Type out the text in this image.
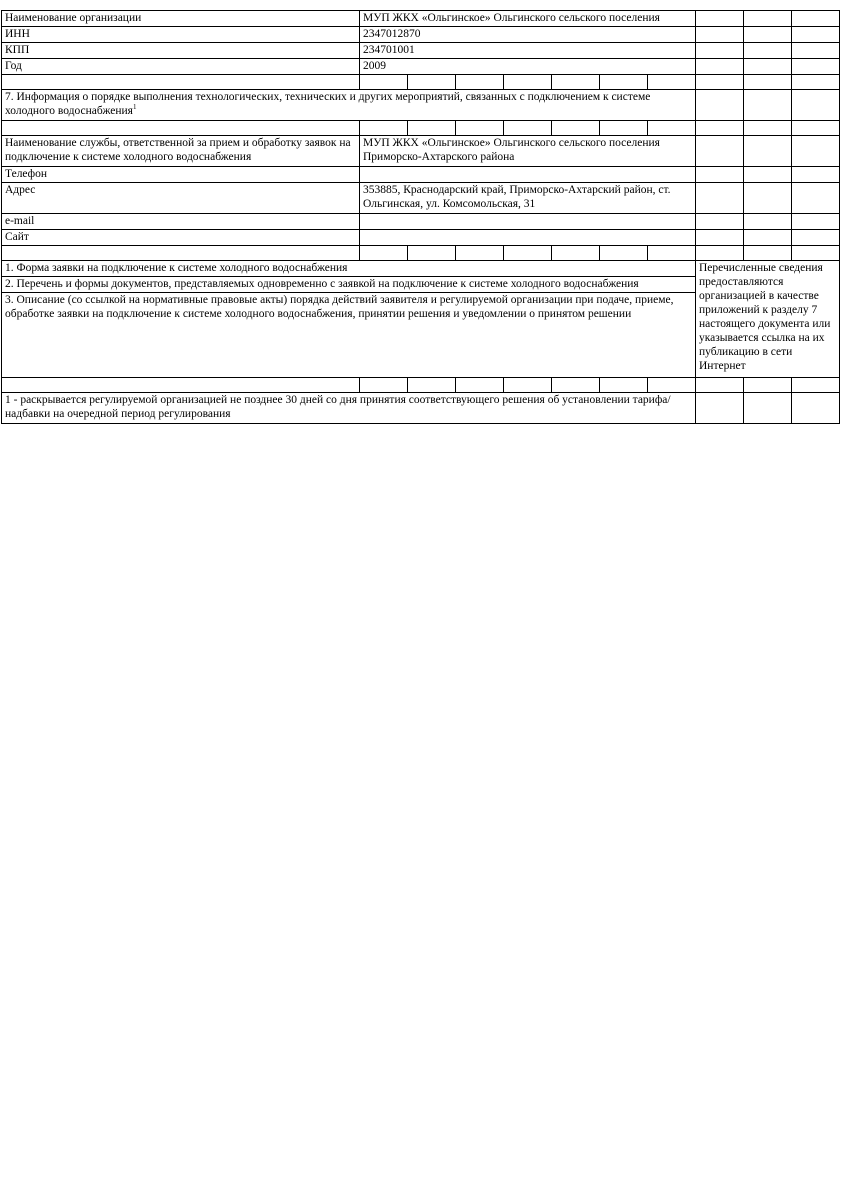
Наименование организации	МУП ЖКХ «Ольгинское» Ольгинского сельского поселения									
ИНН	2347012870									
КПП	234701001									
Год	2009									

7. Информация о порядке выполнения технологических, технических и других мероприятий, связанных с подключением к системе холодного водоснабжения$^1$			

Наименование службы, ответственной за прием и обработку заявок на подключение к системе холодного водоснабжения	МУП ЖКХ «Ольгинское» Ольгинского сельского поселения Приморско-Ахтарского района									
Телефон										
Адрес	353885, Краснодарский край, Приморско-Ахтарский район, ст. Ольгинская, ул. Комсомольская, 31									
e-mail										
Сайт										

1. Форма заявки на подключение к системе холодного водоснабжения								Перечисленные сведения предоставляются организацией в качестве приложений к разделу 7 настоящего документа или указывается ссылка на их публикацию в сети Интернет		
2. Перечень и формы документов, представляемых одновременно с заявкой на подключение к системе холодного водоснабжения										
3. Описание (со ссылкой на нормативные правовые акты) порядка действий заявителя и регулируемой организации при подаче, приеме, обработке заявки на подключение к системе холодного водоснабжения, принятии решения и уведомлении о принятом решении										

1 - раскрывается регулируемой организацией не позднее 30 дней со дня принятия соответствующего решения об установлении тарифа/надбавки на очередной период регулирования										
